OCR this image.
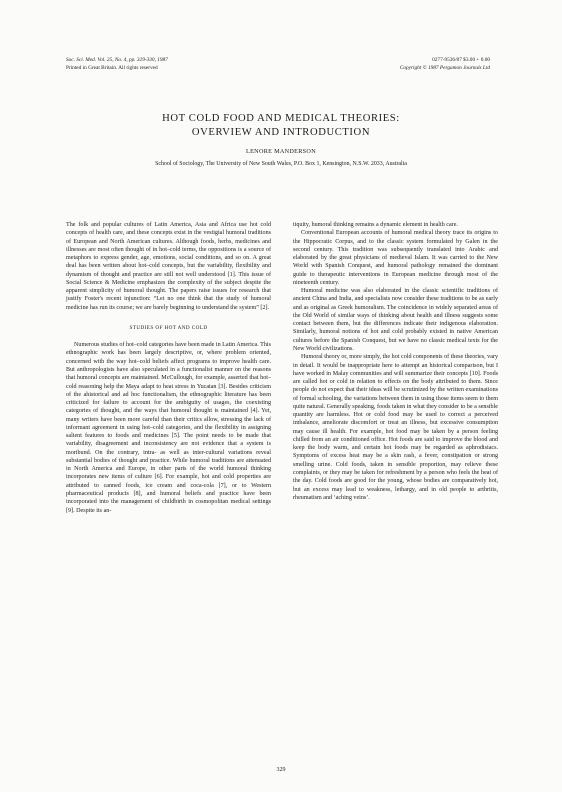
Soc. Sci. Med. Vol. 25, No. 4, pp. 329-330, 1987
Printed in Great Britain. All rights reserved
0277-9536/87 $3.00 + 0.00
Copyright © 1987 Pergamon Journals Ltd
HOT COLD FOOD AND MEDICAL THEORIES:
OVERVIEW AND INTRODUCTION
LENORE MANDERSON
School of Sociology, The University of New South Wales, P.O. Box 1, Kensington, N.S.W. 2033, Australia

The folk and popular cultures of Latin America, Asia and Africa use hot cold concepts of health care, and these concepts exist in the vestigial humoral traditions of European and North American cultures. Although foods, herbs, medicines and illnesses are most often thought of in hot–cold terms, the oppositions is a source of metaphors to express gender, age, emotions, social conditions, and so on. A great deal has been written about hot–cold concepts, but the variability, flexibility and dynamism of thought and practice are still not well understood [1]. This issue of Social Science & Medicine emphasizes the complexity of the subject despite the apparent simplicity of humoral thought. The papers raise issues for research that justify Foster's recent injunction: “Let no one think that the study of humoral medicine has run its course; we are barely beginning to understand the system” [2].

STUDIES OF HOT AND COLD

Numerous studies of hot–cold categories have been made in Latin America. This ethnographic work has been largely descriptive, or, where problem oriented, concerned with the way hot–cold beliefs affect programs to improve health care. But anthropologists have also speculated in a functionalist manner on the reasons that humoral concepts are maintained. McCullough, for example, asserted that hot–cold reasoning help the Maya adapt to heat stress in Yucatan [3]. Besides criticism of the ahistorical and ad hoc functionalism, the ethnographic literature has been criticized for failure to account for the ambiguity of usages, the coexisting categories of thought, and the ways that humoral thought is maintained [4]. Yet, many writers have been more careful than their critics allow, stressing the lack of informant agreement in using hot–cold categories, and the flexibility in assigning salient features to foods and medicines [5]. The point needs to be made that variability, disagreement and inconsistency are not evidence that a system is moribund. On the contrary, intra- as well as inter-cultural variations reveal substantial bodies of thought and practice. While humoral traditions are attenuated in North America and Europe, in other parts of the world humoral thinking incorporates new items of culture [6]. For example, hot and cold properties are attributed to canned foods, ice cream and coca-cola [7], or to Western pharmaceutical products [8], and humoral beliefs and practice have been incorporated into the management of childbirth in cosmopolitan medical settings [9]. Despite its an-

tiquity, humoral thinking remains a dynamic element in health care.

Conventional European accounts of humoral medical theory trace its origins to the Hippocratic Corpus, and to the classic system formulated by Galen in the second century. This tradition was subsequently translated into Arabic and elaborated by the great physicians of medieval Islam. It was carried to the New World with Spanish Conquest, and humoral pathology remained the dominant guide to therapeutic interventions in European medicine through most of the nineteenth century.

Humoral medicine was also elaborated in the classic scientific traditions of ancient China and India, and specialists now consider these traditions to be as early and as original as Greek humoralism. The coincidence in widely separated areas of the Old World of similar ways of thinking about health and illness suggests some contact between them, but the differences indicate their indigenous elaboration. Similarly, humoral notions of hot and cold probably existed in native American cultures before the Spanish Conquest, but we have no classic medical texts for the New World civilizations.

Humoral theory or, more simply, the hot cold components of these theories, vary in detail. It would be inappropriate here to attempt an historical comparison, but I have worked in Malay communities and will summarize their concepts [10]. Foods are called hot or cold in relation to effects on the body attributed to them. Since people do not expect that their ideas will be scrutinized by the written examinations of formal schooling, the variations between them in using those items seem to them quite natural. Generally speaking, foods taken in what they consider to be a sensible quantity are harmless. Hot or cold food may be used to correct a perceived imbalance, ameliorate discomfort or treat an illness, but excessive consumption may cause ill health. For example, hot food may be taken by a person feeling chilled from an air conditioned office. Hot foods are said to improve the blood and keep the body warm, and certain hot foods may be regarded as aphrodisiacs. Symptoms of excess heat may be a skin rash, a fever, constipation or strong smelling urine. Cold foods, taken in sensible proportion, may relieve these complaints, or they may be taken for refreshment by a person who feels the heat of the day. Cold foods are good for the young, whose bodies are comparatively hot, but an excess may lead to weakness, lethargy, and in old people to arthritis, rheumatism and ‘aching veins’.

329
